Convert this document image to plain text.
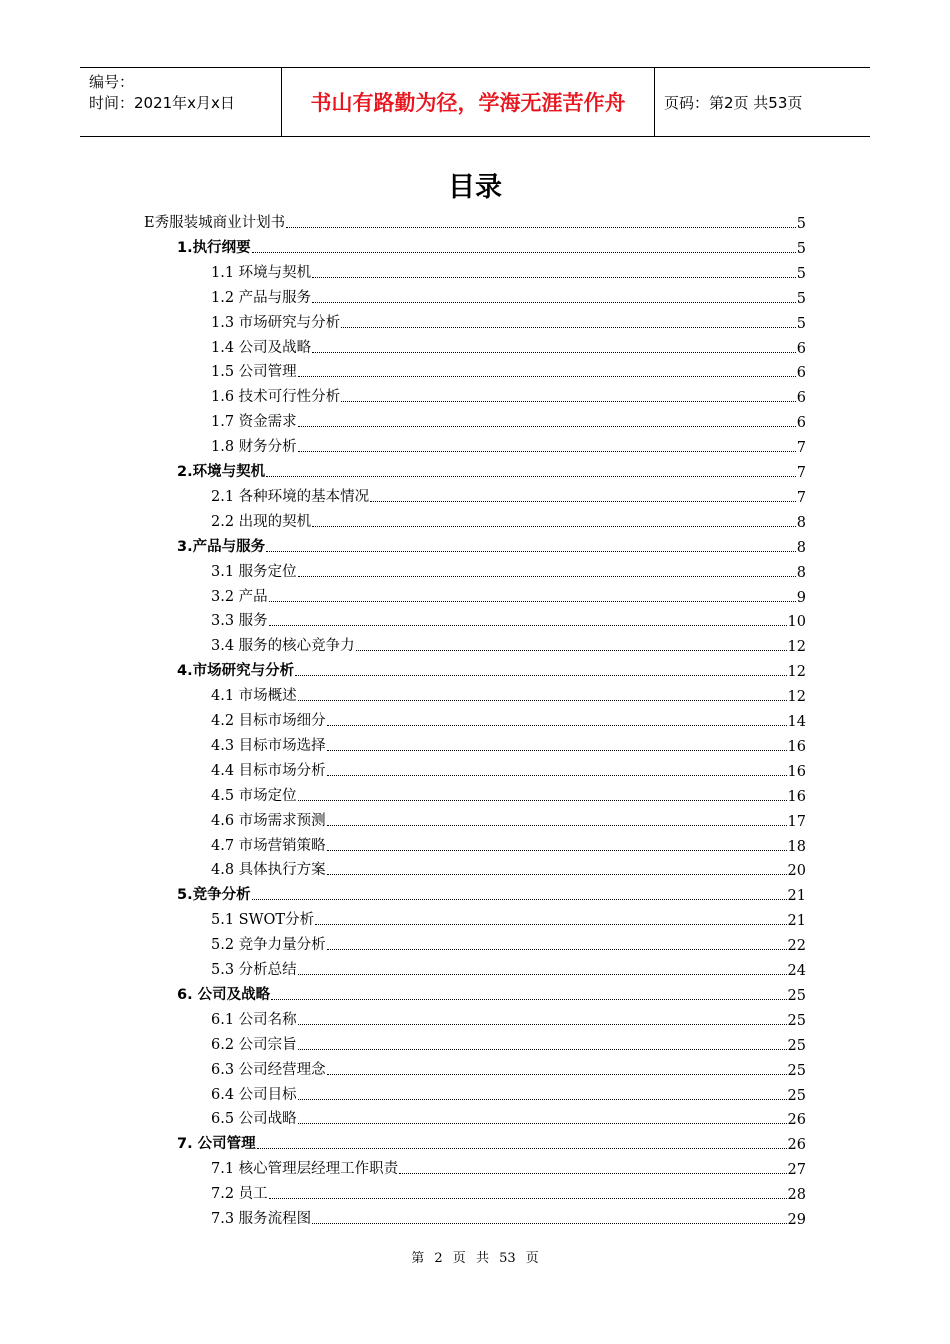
编号：
时间：2021年x月x日	书山有路勤为径，学海无涯苦作舟	页码：第2页 共53页
目录
E秀服装城商业计划书	5
1.执行纲要	5
1.1 环境与契机	5
1.2 产品与服务	5
1.3 市场研究与分析	5
1.4 公司及战略	6
1.5 公司管理	6
1.6 技术可行性分析	6
1.7 资金需求	6
1.8 财务分析	7
2.环境与契机	7
2.1 各种环境的基本情况	7
2.2 出现的契机	8
3.产品与服务	8
3.1 服务定位	8
3.2 产品	9
3.3 服务	10
3.4 服务的核心竞争力	12
4.市场研究与分析	12
4.1 市场概述	12
4.2 目标市场细分	14
4.3 目标市场选择	16
4.4 目标市场分析	16
4.5 市场定位	16
4.6 市场需求预测	17
4.7 市场营销策略	18
4.8 具体执行方案	20
5.竞争分析	21
5.1 SWOT分析	21
5.2 竞争力量分析	22
5.3 分析总结	24
6. 公司及战略	25
6.1 公司名称	25
6.2 公司宗旨	25
6.3 公司经营理念	25
6.4 公司目标	25
6.5 公司战略	26
7. 公司管理	26
7.1 核心管理层经理工作职责	27
7.2 员工	28
7.3 服务流程图	29
第 2 页 共 53 页
